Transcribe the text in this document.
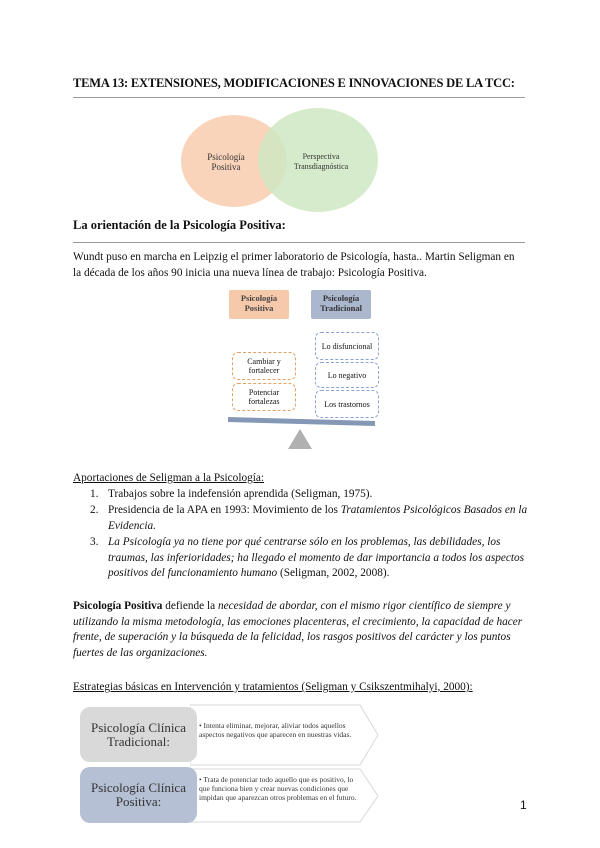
TEMA 13: EXTENSIONES, MODIFICACIONES E INNOVACIONES DE LA TCC:
Psicología Positiva
Perspectiva Transdiagnóstica
La orientación de la Psicología Positiva:
Wundt puso en marcha en Leipzig el primer laboratorio de Psicología, hasta.. Martin Seligman en la década de los años 90 inicia una nueva línea de trabajo: Psicología Positiva.
Psicología Positiva
Psicología Tradicional
Cambiar y fortalecer
Potenciar fortalezas
Lo disfuncional
Lo negativo
Los trastornos
Aportaciones de Seligman a la Psicología:
1. Trabajos sobre la indefensión aprendida (Seligman, 1975).
2. Presidencia de la APA en 1993: Movimiento de los Tratamientos Psicológicos Basados en la Evidencia.
3. La Psicología ya no tiene por qué centrarse sólo en los problemas, las debilidades, los traumas, las inferioridades; ha llegado el momento de dar importancia a todos los aspectos positivos del funcionamiento humano (Seligman, 2002, 2008).
Psicología Positiva defiende la necesidad de abordar, con el mismo rigor científico de siempre y utilizando la misma metodología, las emociones placenteras, el crecimiento, la capacidad de hacer frente, de superación y la búsqueda de la felicidad, los rasgos positivos del carácter y los puntos fuertes de las organizaciones.
Estrategias básicas en Intervención y tratamientos (Seligman y Csikszentmihalyi, 2000):
Psicología Clínica Tradicional:
• Intenta eliminar, mejorar, aliviar todos aquellos aspectos negativos que aparecen en nuestras vidas.
Psicología Clínica Positiva:
• Trata de potenciar todo aquello que es positivo, lo que funciona bien y crear nuevas condiciones que impidan que aparezcan otros problemas en el futuro.
1
